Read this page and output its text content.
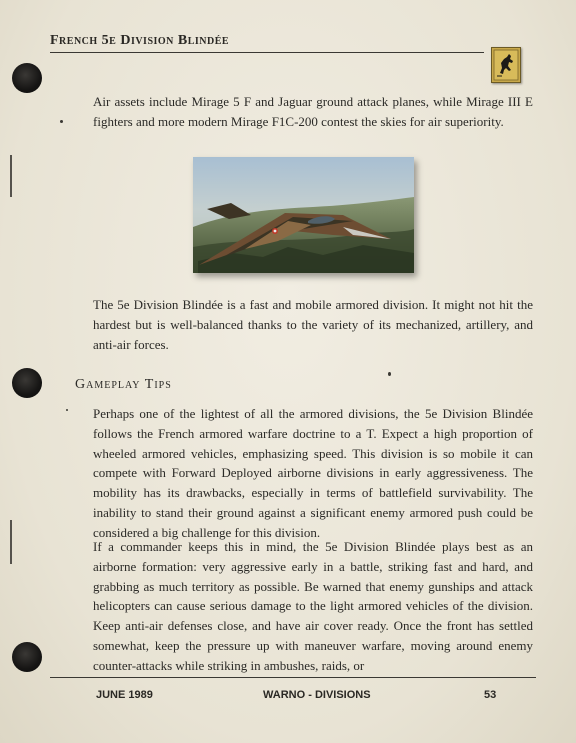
French 5e Division Blindée

Air assets include Mirage 5 F and Jaguar ground attack planes, while Mirage III E fighters and more modern Mirage F1C-200 contest the skies for air superiority.

The 5e Division Blindée is a fast and mobile armored division. It might not hit the hardest but is well-balanced thanks to the variety of its mechanized, artillery, and anti-air forces.

Gameplay Tips

Perhaps one of the lightest of all the armored divisions, the 5e Division Blindée follows the French armored warfare doctrine to a T. Expect a high proportion of wheeled armored vehicles, emphasizing speed. This division is so mobile it can compete with Forward Deployed airborne divisions in early aggressiveness. The mobility has its drawbacks, especially in terms of battlefield survivability. The inability to stand their ground against a significant enemy armored push could be considered a big challenge for this division.

If a commander keeps this in mind, the 5e Division Blindée plays best as an airborne formation: very aggressive early in a battle, striking fast and hard, and grabbing as much territory as possible. Be warned that enemy gunships and attack helicopters can cause serious damage to the light armored vehicles of the division. Keep anti-air defenses close, and have air cover ready. Once the front has settled somewhat, keep the pressure up with maneuver warfare, moving around enemy counter-attacks while striking in ambushes, raids, or

JUNE 1989	WARNO - DIVISIONS	53
